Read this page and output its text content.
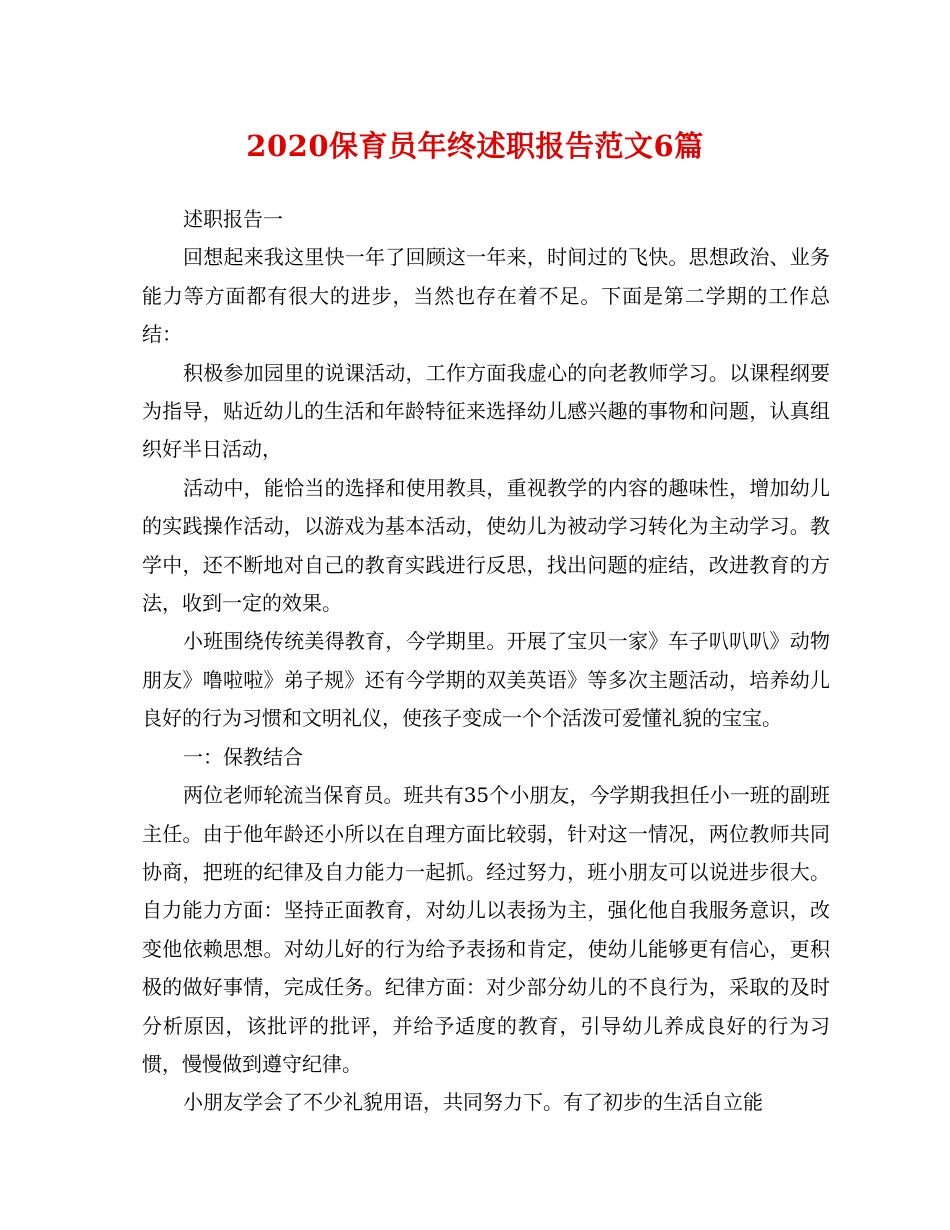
2020保育员年终述职报告范文6篇

述职报告一

回想起来我这里快一年了回顾这一年来，时间过的飞快。思想政治、业务能力等方面都有很大的进步，当然也存在着不足。下面是第二学期的工作总结：

积极参加园里的说课活动，工作方面我虚心的向老教师学习。以课程纲要为指导，贴近幼儿的生活和年龄特征来选择幼儿感兴趣的事物和问题，认真组织好半日活动，

活动中，能恰当的选择和使用教具，重视教学的内容的趣味性，增加幼儿的实践操作活动，以游戏为基本活动，使幼儿为被动学习转化为主动学习。教学中，还不断地对自己的教育实践进行反思，找出问题的症结，改进教育的方法，收到一定的效果。

小班围绕传统美得教育，今学期里。开展了宝贝一家》车子叭叭叭》动物朋友》噜啦啦》弟子规》还有今学期的双美英语》等多次主题活动，培养幼儿良好的行为习惯和文明礼仪，使孩子变成一个个活泼可爱懂礼貌的宝宝。

一：保教结合

两位老师轮流当保育员。班共有35个小朋友，今学期我担任小一班的副班主任。由于他年龄还小所以在自理方面比较弱，针对这一情况，两位教师共同协商，把班的纪律及自力能力一起抓。经过努力，班小朋友可以说进步很大。自力能力方面：坚持正面教育，对幼儿以表扬为主，强化他自我服务意识，改变他依赖思想。对幼儿好的行为给予表扬和肯定，使幼儿能够更有信心，更积极的做好事情，完成任务。纪律方面：对少部分幼儿的不良行为，采取的及时分析原因，该批评的批评，并给予适度的教育，引导幼儿养成良好的行为习惯，慢慢做到遵守纪律。

小朋友学会了不少礼貌用语，共同努力下。有了初步的生活自立能
